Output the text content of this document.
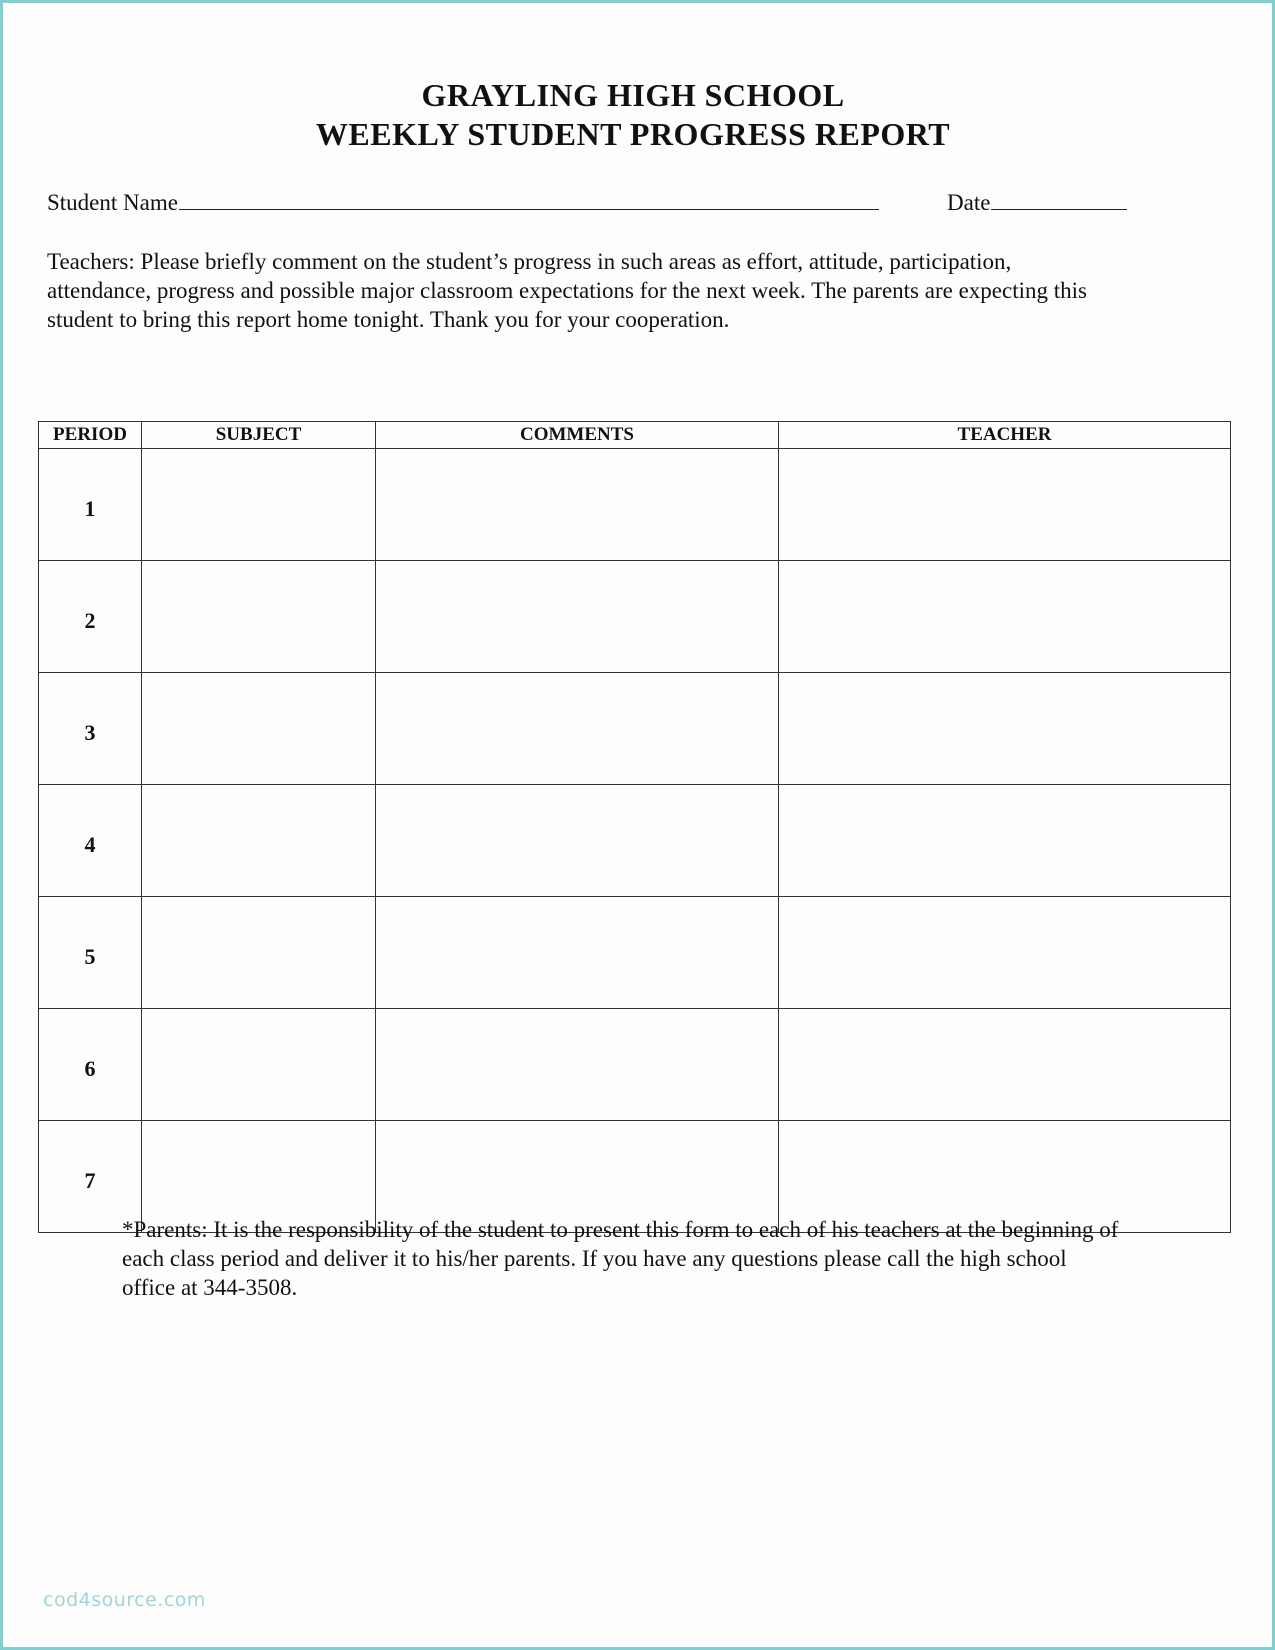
GRAYLING HIGH SCHOOL
WEEKLY STUDENT PROGRESS REPORT
Student Name	Date
Teachers: Please briefly comment on the student’s progress in such areas as effort, attitude, participation,
attendance, progress and possible major classroom expectations for the next week. The parents are expecting this
student to bring this report home tonight. Thank you for your cooperation.
PERIOD	SUBJECT	COMMENTS	TEACHER
1			
2			
3			
4			
5			
6			
7			
*Parents: It is the responsibility of the student to present this form to each of his teachers at the beginning of
each class period and deliver it to his/her parents. If you have any questions please call the high school
office at 344-3508.
cod4source.com
